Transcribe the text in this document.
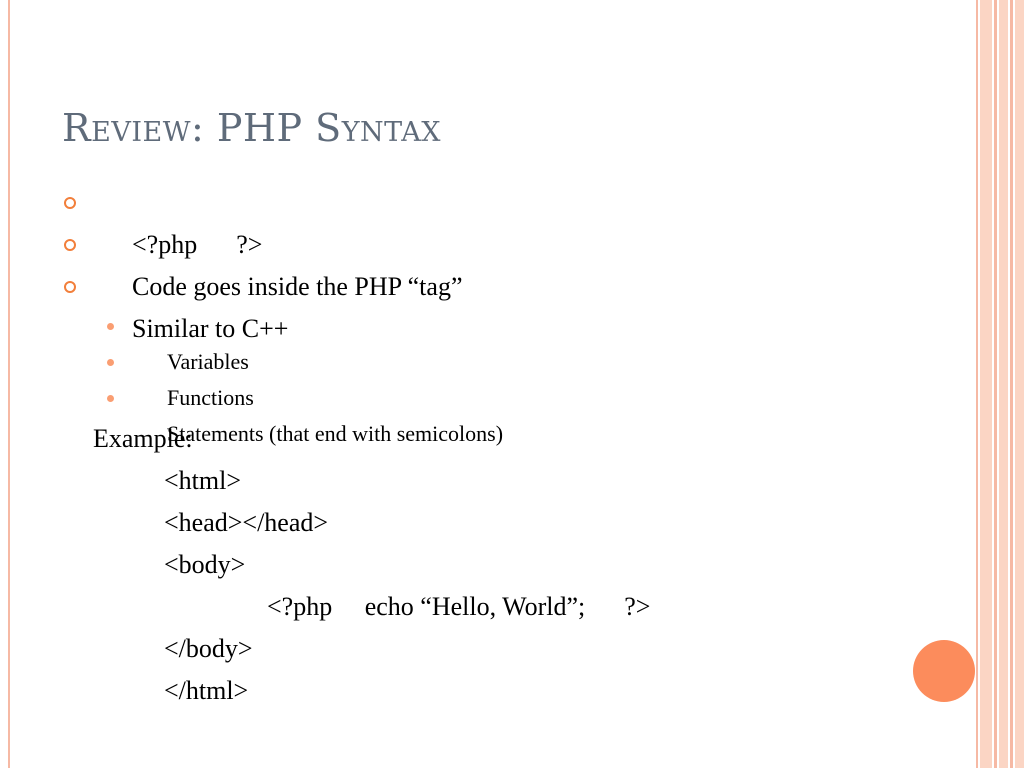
Review: PHP Syntax

<?php      ?>

Code goes inside the PHP “tag”

Similar to C++

Variables

Functions

Statements (that end with semicolons)

Example:
<html>
<head></head>
<body>
<?php     echo “Hello, World”;      ?>
</body>
</html>
